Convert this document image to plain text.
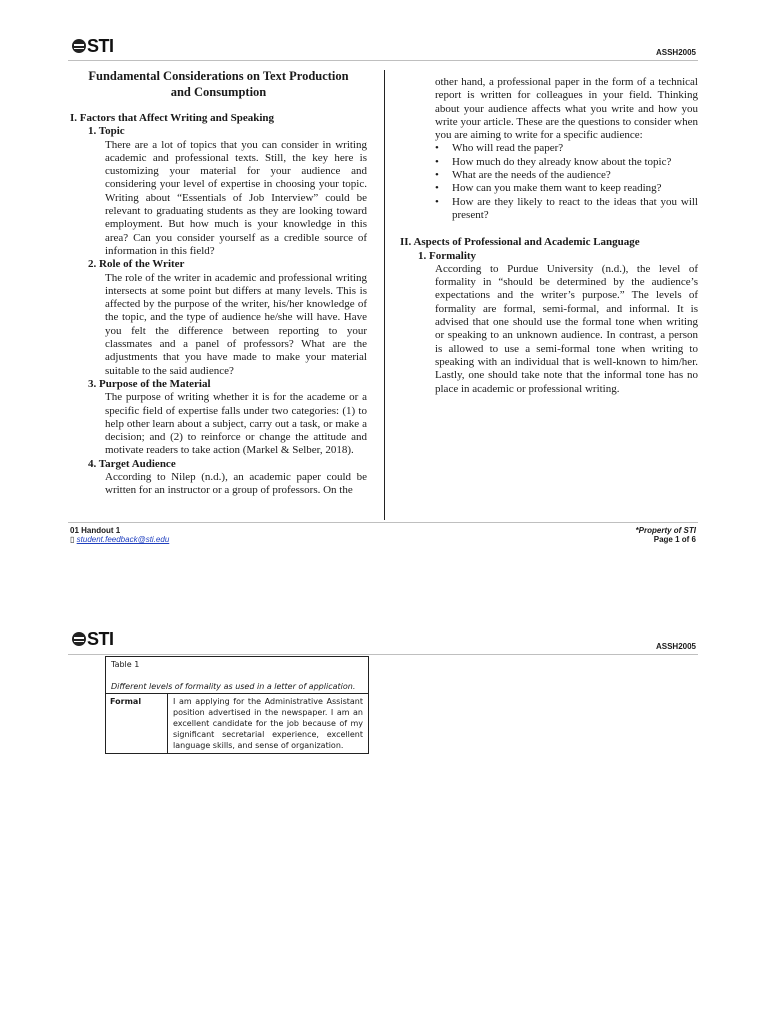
STI	ASSH2005
Fundamental Considerations on Text Production
and Consumption
I. Factors that Affect Writing and Speaking
1. Topic
There are a lot of topics that you can consider in writing academic and professional texts. Still, the key here is customizing your material for your audience and considering your level of expertise in choosing your topic. Writing about “Essentials of Job Interview” could be relevant to graduating students as they are looking toward employment. But how much is your knowledge in this area? Can you consider yourself as a credible source of information in this field?
2. Role of the Writer
The role of the writer in academic and professional writing intersects at some point but differs at many levels. This is affected by the purpose of the writer, his/her knowledge of the topic, and the type of audience he/she will have. Have you felt the difference between reporting to your classmates and a panel of professors? What are the adjustments that you have made to make your material suitable to the said audience?
3. Purpose of the Material
The purpose of writing whether it is for the academe or a specific field of expertise falls under two categories: (1) to help other learn about a subject, carry out a task, or make a decision; and (2) to reinforce or change the attitude and motivate readers to take action (Markel & Selber, 2018).
4. Target Audience
According to Nilep (n.d.), an academic paper could be written for an instructor or a group of professors. On the
other hand, a professional paper in the form of a technical report is written for colleagues in your field. Thinking about your audience affects what you write and how you write your article. These are the questions to consider when you are aiming to write for a specific audience:
• Who will read the paper?
• How much do they already know about the topic?
• What are the needs of the audience?
• How can you make them want to keep reading?
• How are they likely to react to the ideas that you will present?
II. Aspects of Professional and Academic Language
1. Formality
According to Purdue University (n.d.), the level of formality in “should be determined by the audience’s expectations and the writer’s purpose.” The levels of formality are formal, semi-formal, and informal. It is advised that one should use the formal tone when writing or speaking to an unknown audience. In contrast, a person is allowed to use a semi-formal tone when writing to speaking with an individual that is well-known to him/her. Lastly, one should take note that the informal tone has no place in academic or professional writing.
01 Handout 1
▯ student.feedback@sti.edu
*Property of STI
Page 1 of 6
STI	ASSH2005
Table 1
Different levels of formality as used in a letter of application.
Formal	I am applying for the Administrative Assistant position advertised in the newspaper. I am an excellent candidate for the job because of my significant secretarial experience, excellent language skills, and sense of organization.
